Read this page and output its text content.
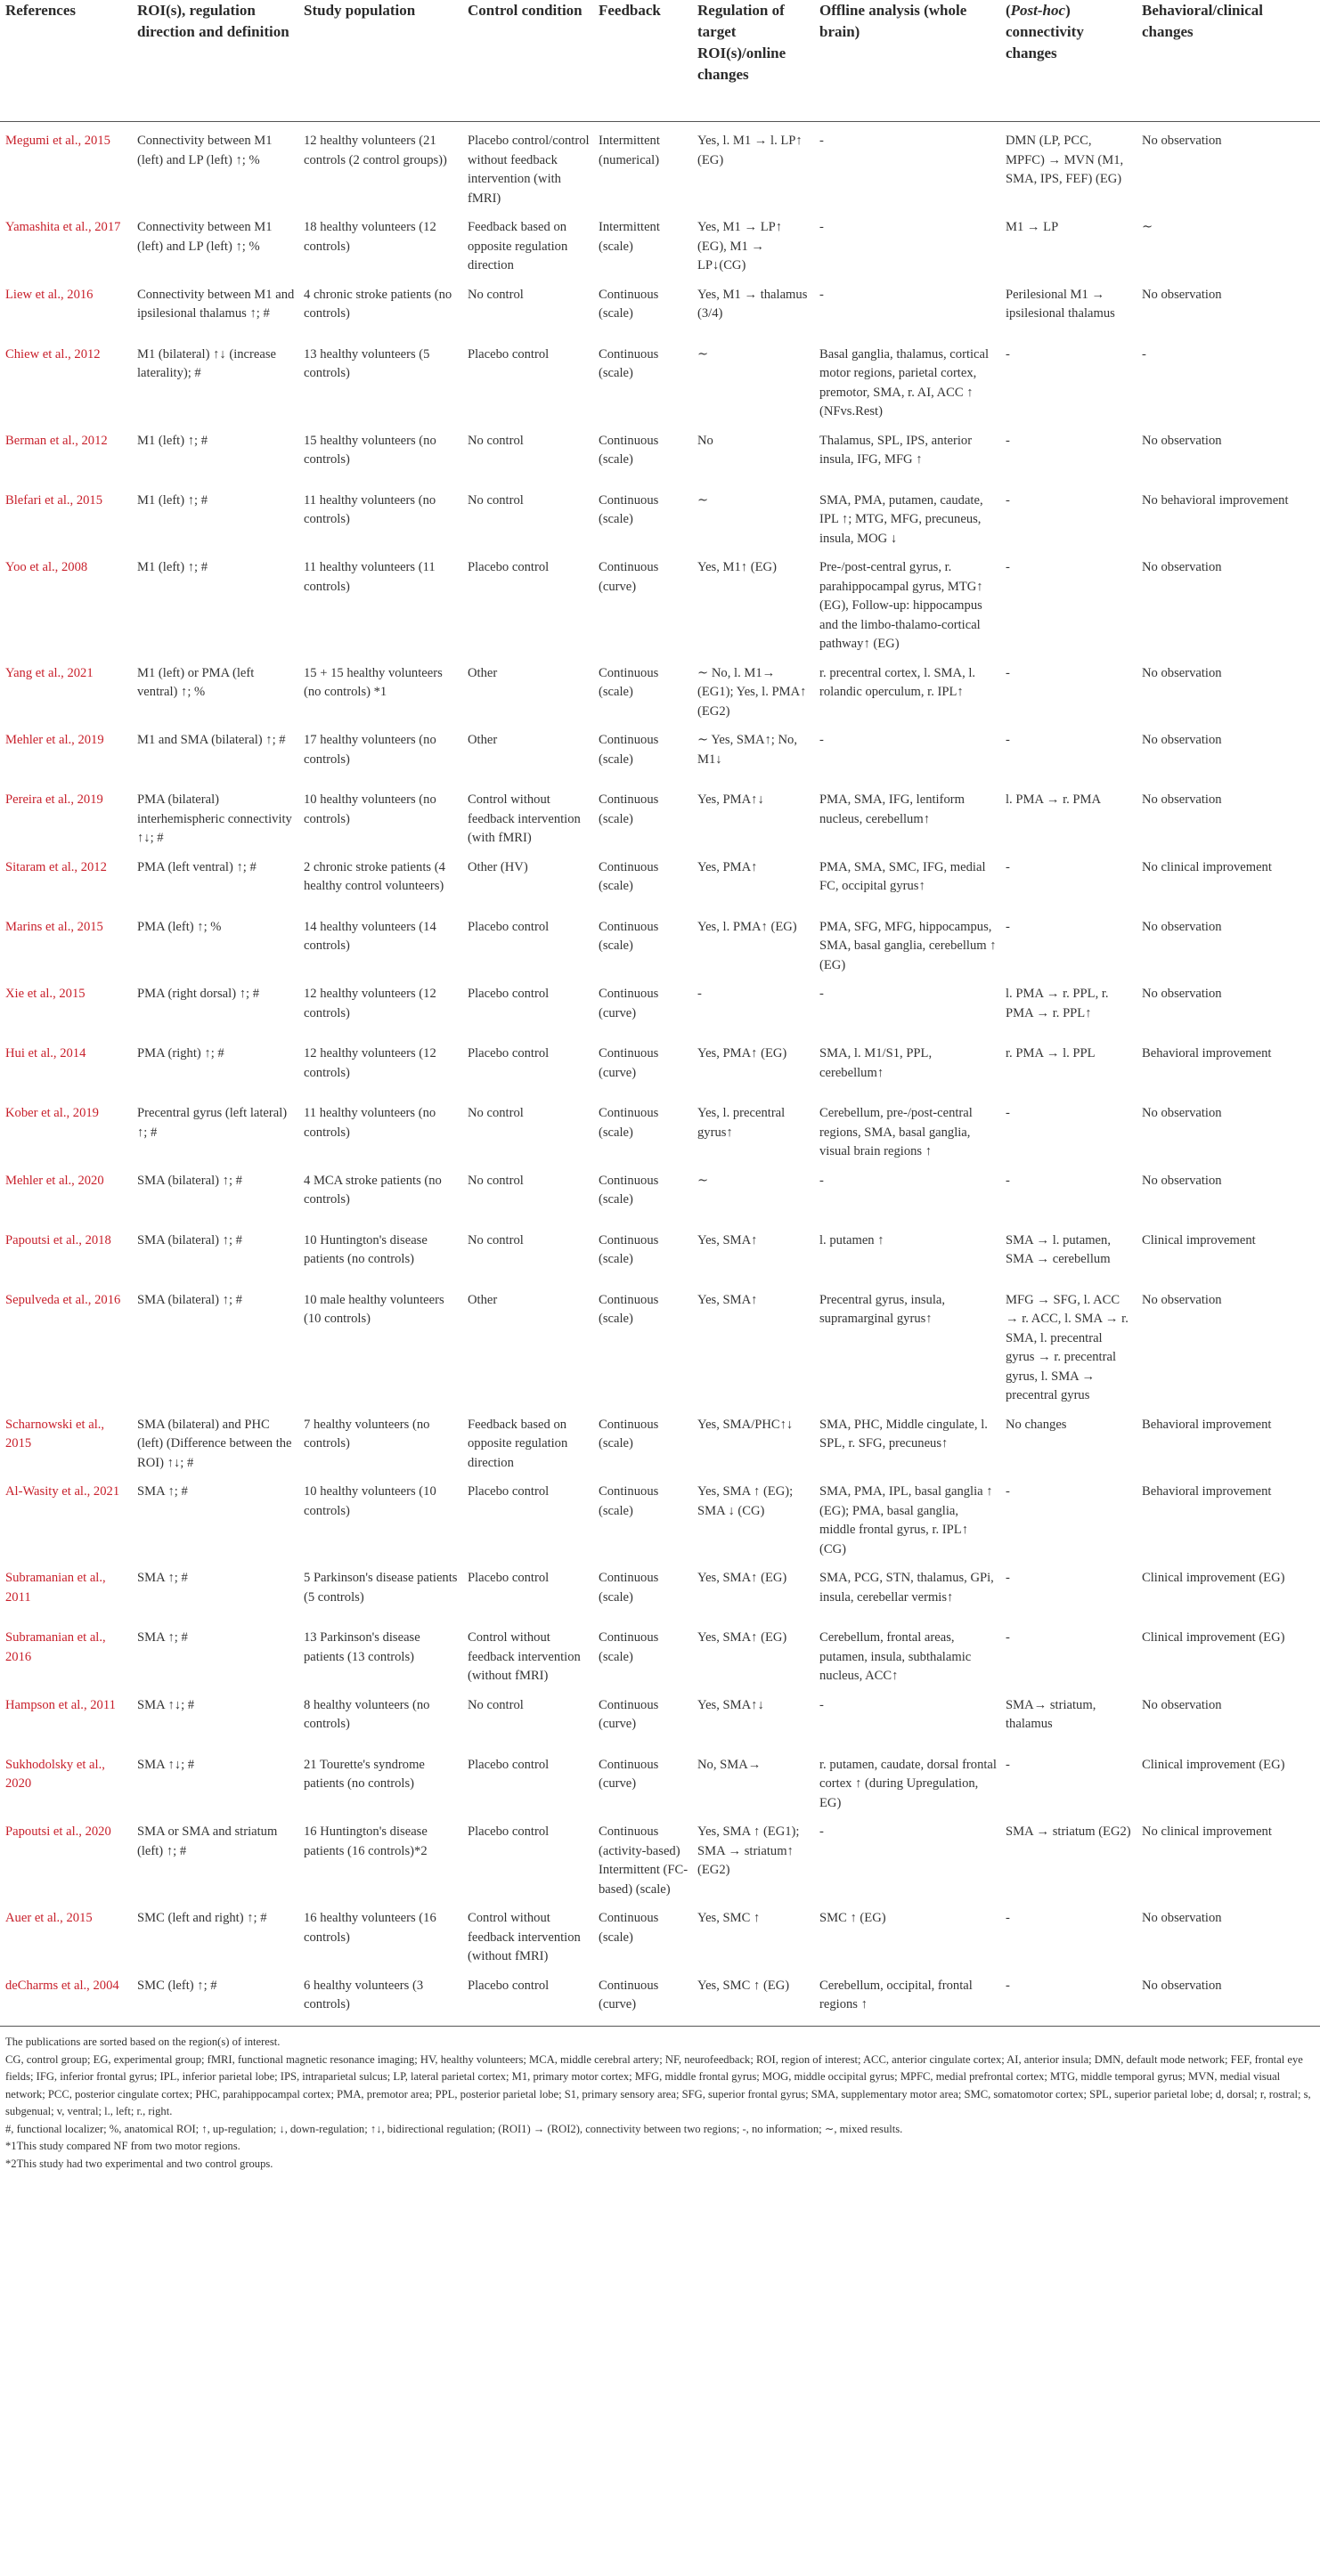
References	ROI(s), regulation direction and definition	Study population	Control condition	Feedback	Regulation of target ROI(s)/online changes	Offline analysis (whole brain)	(Post-hoc) connectivity changes	Behavioral/clinical changes
Megumi et al., 2015	Connectivity between M1 (left) and LP (left) ↑; %	12 healthy volunteers (21 controls (2 control groups))	Placebo control/control without feedback intervention (with fMRI)	Intermittent (numerical)	Yes, l. M1 → l. LP↑ (EG)	-	DMN (LP, PCC, MPFC) → MVN (M1, SMA, IPS, FEF) (EG)	No observation
Yamashita et al., 2017	Connectivity between M1 (left) and LP (left) ↑; %	18 healthy volunteers (12 controls)	Feedback based on opposite regulation direction	Intermittent (scale)	Yes, M1 → LP↑ (EG), M1 → LP↓(CG)	-	M1 → LP	∼
Liew et al., 2016	Connectivity between M1 and ipsilesional thalamus ↑; #	4 chronic stroke patients (no controls)	No control	Continuous (scale)	Yes, M1 → thalamus (3/4)	-	Perilesional M1 → ipsilesional thalamus	No observation
Chiew et al., 2012	M1 (bilateral) ↑↓ (increase laterality); #	13 healthy volunteers (5 controls)	Placebo control	Continuous (scale)	∼	Basal ganglia, thalamus, cortical motor regions, parietal cortex, premotor, SMA, r. AI, ACC ↑ (NFvs.Rest)	-	-
Berman et al., 2012	M1 (left) ↑; #	15 healthy volunteers (no controls)	No control	Continuous (scale)	No	Thalamus, SPL, IPS, anterior insula, IFG, MFG ↑	-	No observation
Blefari et al., 2015	M1 (left) ↑; #	11 healthy volunteers (no controls)	No control	Continuous (scale)	∼	SMA, PMA, putamen, caudate, IPL ↑; MTG, MFG, precuneus, insula, MOG ↓	-	No behavioral improvement
Yoo et al., 2008	M1 (left) ↑; #	11 healthy volunteers (11 controls)	Placebo control	Continuous (curve)	Yes, M1↑ (EG)	Pre-/post-central gyrus, r. parahippocampal gyrus, MTG↑ (EG), Follow-up: hippocampus and the limbo-thalamo-cortical pathway↑ (EG)	-	No observation
Yang et al., 2021	M1 (left) or PMA (left ventral) ↑; %	15 + 15 healthy volunteers (no controls) *1	Other	Continuous (scale)	∼ No, l. M1→ (EG1); Yes, l. PMA↑ (EG2)	r. precentral cortex, l. SMA, l. rolandic operculum, r. IPL↑	-	No observation
Mehler et al., 2019	M1 and SMA (bilateral) ↑; #	17 healthy volunteers (no controls)	Other	Continuous (scale)	∼ Yes, SMA↑; No, M1↓	-	-	No observation
Pereira et al., 2019	PMA (bilateral) interhemispheric connectivity ↑↓; #	10 healthy volunteers (no controls)	Control without feedback intervention (with fMRI)	Continuous (scale)	Yes, PMA↑↓	PMA, SMA, IFG, lentiform nucleus, cerebellum↑	l. PMA → r. PMA	No observation
Sitaram et al., 2012	PMA (left ventral) ↑; #	2 chronic stroke patients (4 healthy control volunteers)	Other (HV)	Continuous (scale)	Yes, PMA↑	PMA, SMA, SMC, IFG, medial FC, occipital gyrus↑	-	No clinical improvement
Marins et al., 2015	PMA (left) ↑; %	14 healthy volunteers (14 controls)	Placebo control	Continuous (scale)	Yes, l. PMA↑ (EG)	PMA, SFG, MFG, hippocampus, SMA, basal ganglia, cerebellum ↑ (EG)	-	No observation
Xie et al., 2015	PMA (right dorsal) ↑; #	12 healthy volunteers (12 controls)	Placebo control	Continuous (curve)	-	-	l. PMA → r. PPL, r. PMA → r. PPL↑	No observation
Hui et al., 2014	PMA (right) ↑; #	12 healthy volunteers (12 controls)	Placebo control	Continuous (curve)	Yes, PMA↑ (EG)	SMA, l. M1/S1, PPL, cerebellum↑	r. PMA → l. PPL	Behavioral improvement
Kober et al., 2019	Precentral gyrus (left lateral) ↑; #	11 healthy volunteers (no controls)	No control	Continuous (scale)	Yes, l. precentral gyrus↑	Cerebellum, pre-/post-central regions, SMA, basal ganglia, visual brain regions ↑	-	No observation
Mehler et al., 2020	SMA (bilateral) ↑; #	4 MCA stroke patients (no controls)	No control	Continuous (scale)	∼	-	-	No observation
Papoutsi et al., 2018	SMA (bilateral) ↑; #	10 Huntington's disease patients (no controls)	No control	Continuous (scale)	Yes, SMA↑	l. putamen ↑	SMA → l. putamen, SMA → cerebellum	Clinical improvement
Sepulveda et al., 2016	SMA (bilateral) ↑; #	10 male healthy volunteers (10 controls)	Other	Continuous (scale)	Yes, SMA↑	Precentral gyrus, insula, supramarginal gyrus↑	MFG → SFG, l. ACC → r. ACC, l. SMA → r. SMA, l. precentral gyrus → r. precentral gyrus, l. SMA → precentral gyrus	No observation
Scharnowski et al., 2015	SMA (bilateral) and PHC (left) (Difference between the ROI) ↑↓; #	7 healthy volunteers (no controls)	Feedback based on opposite regulation direction	Continuous (scale)	Yes, SMA/PHC↑↓	SMA, PHC, Middle cingulate, l. SPL, r. SFG, precuneus↑	No changes	Behavioral improvement
Al-Wasity et al., 2021	SMA ↑; #	10 healthy volunteers (10 controls)	Placebo control	Continuous (scale)	Yes, SMA ↑ (EG); SMA ↓ (CG)	SMA, PMA, IPL, basal ganglia ↑ (EG); PMA, basal ganglia, middle frontal gyrus, r. IPL↑ (CG)	-	Behavioral improvement
Subramanian et al., 2011	SMA ↑; #	5 Parkinson's disease patients (5 controls)	Placebo control	Continuous (scale)	Yes, SMA↑ (EG)	SMA, PCG, STN, thalamus, GPi, insula, cerebellar vermis↑	-	Clinical improvement (EG)
Subramanian et al., 2016	SMA ↑; #	13 Parkinson's disease patients (13 controls)	Control without feedback intervention (without fMRI)	Continuous (scale)	Yes, SMA↑ (EG)	Cerebellum, frontal areas, putamen, insula, subthalamic nucleus, ACC↑	-	Clinical improvement (EG)
Hampson et al., 2011	SMA ↑↓; #	8 healthy volunteers (no controls)	No control	Continuous (curve)	Yes, SMA↑↓	-	SMA→ striatum, thalamus	No observation
Sukhodolsky et al., 2020	SMA ↑↓; #	21 Tourette's syndrome patients (no controls)	Placebo control	Continuous (curve)	No, SMA→	r. putamen, caudate, dorsal frontal cortex ↑ (during Upregulation, EG)	-	Clinical improvement (EG)
Papoutsi et al., 2020	SMA or SMA and striatum (left) ↑; #	16 Huntington's disease patients (16 controls)*2	Placebo control	Continuous (activity-based) Intermittent (FC-based) (scale)	Yes, SMA ↑ (EG1); SMA → striatum↑ (EG2)	-	SMA → striatum (EG2)	No clinical improvement
Auer et al., 2015	SMC (left and right) ↑; #	16 healthy volunteers (16 controls)	Control without feedback intervention (without fMRI)	Continuous (scale)	Yes, SMC ↑	SMC ↑ (EG)	-	No observation
deCharms et al., 2004	SMC (left) ↑; #	6 healthy volunteers (3 controls)	Placebo control	Continuous (curve)	Yes, SMC ↑ (EG)	Cerebellum, occipital, frontal regions ↑	-	No observation

The publications are sorted based on the region(s) of interest.

CG, control group; EG, experimental group; fMRI, functional magnetic resonance imaging; HV, healthy volunteers; MCA, middle cerebral artery; NF, neurofeedback; ROI, region of interest; ACC, anterior cingulate cortex; AI, anterior insula; DMN, default mode network; FEF, frontal eye fields; IFG, inferior frontal gyrus; IPL, inferior parietal lobe; IPS, intraparietal sulcus; LP, lateral parietal cortex; M1, primary motor cortex; MFG, middle frontal gyrus; MOG, middle occipital gyrus; MPFC, medial prefrontal cortex; MTG, middle temporal gyrus; MVN, medial visual network; PCC, posterior cingulate cortex; PHC, parahippocampal cortex; PMA, premotor area; PPL, posterior parietal lobe; S1, primary sensory area; SFG, superior frontal gyrus; SMA, supplementary motor area; SMC, somatomotor cortex; SPL, superior parietal lobe; d, dorsal; r, rostral; s, subgenual; v, ventral; l., left; r., right.

#, functional localizer; %, anatomical ROI; ↑, up-regulation; ↓, down-regulation; ↑↓, bidirectional regulation; (ROI1) → (ROI2), connectivity between two regions; -, no information; ∼, mixed results.

*1This study compared NF from two motor regions.

*2This study had two experimental and two control groups.
